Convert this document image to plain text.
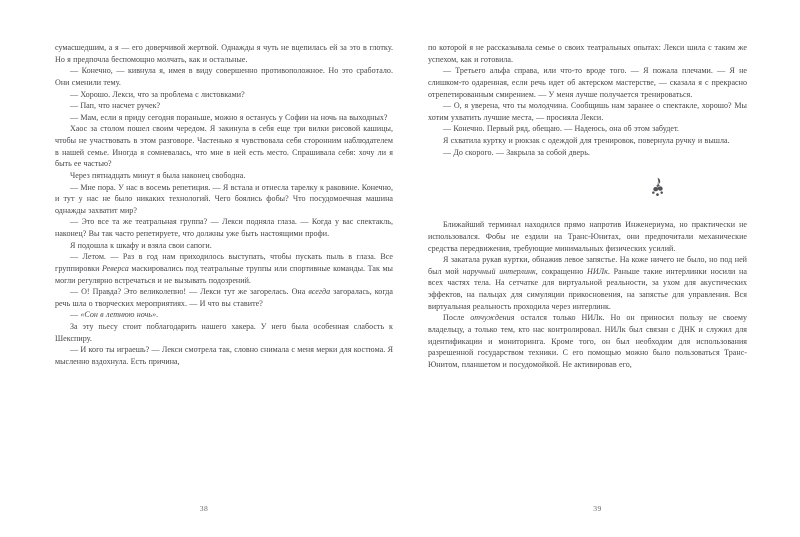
сумасшедшим, а я — его доверчивой жертвой. Однажды я чуть не вцепилась ей за это в глотку. Но я предпочла беспомощно молчать, как и остальные.

— Конечно, — кивнула я, имея в виду совершенно противоположное. Но это сработало. Они сменили тему.

— Хорошо. Лекси, что за проблема с листовками?

— Пап, что насчет ручек?

— Мам, если я приду сегодня пораньше, можно я останусь у Софии на ночь на выходных?

Хаос за столом пошел своим чередом. Я закинула в себя еще три вилки рисовой кашицы, чтобы не участвовать в этом разговоре. Частенько я чувствовала себя сторонним наблюдателем в нашей семье. Иногда я сомневалась, что мне в ней есть место. Спрашивала себя: хочу ли я быть ее частью?

Через пятнадцать минут я была наконец свободна.

— Мне пора. У нас в восемь репетиция. — Я встала и отнесла тарелку к раковине. Конечно, и тут у нас не было никаких технологий. Чего боялись фобы? Что посудомоечная машина однажды захватит мир?

— Это все та же театральная группа? — Лекси подняла глаза. — Когда у вас спектакль, наконец? Вы так часто репетируете, что должны уже быть настоящими профи.

Я подошла к шкафу и взяла свои сапоги.

— Летом. — Раз в год нам приходилось выступать, чтобы пускать пыль в глаза. Все группировки Реверса маскировались под театральные труппы или спортивные команды. Так мы могли регулярно встречаться и не вызывать подозрений.

— О! Правда? Это великолепно! — Лекси тут же загорелась. Она всегда загоралась, когда речь шла о творческих мероприятиях. — И что вы ставите?

— «Сон в летнюю ночь».

За эту пьесу стоит поблагодарить нашего хакера. У него была особенная слабость к Шекспиру.

— И кого ты играешь? — Лекси смотрела так, словно снимала с меня мерки для костюма. Я мысленно вздохнула. Есть причина,

38

по которой я не рассказывала семье о своих театральных опытах: Лекси шила с таким же успехом, как и готовила.

— Третьего альфа справа, или что-то вроде того. — Я пожала плечами. — Я не слишком-то одаренная, если речь идет об актерском мастерстве, — сказала я с прекрасно отрепетированным смирением. — У меня лучше получается тренироваться.

— О, я уверена, что ты молодчина. Сообщишь нам заранее о спектакле, хорошо? Мы хотим ухватить лучшие места, — просияла Лекси.

— Конечно. Первый ряд, обещаю. — Надеюсь, она об этом забудет.

Я схватила куртку и рюкзак с одеждой для тренировок, повернула ручку и вышла.

— До скорого. — Закрыла за собой дверь.

Ближайший терминал находился прямо напротив Инженериума, но практически не использовался. Фобы не ездили на Транс-Юнитах, они предпочитали механические средства передвижения, требующие минимальных физических усилий.

Я закатала рукав куртки, обнажив левое запястье. На коже ничего не было, но под ней был мой наручный интерлинк, сокращенно НИЛк. Раньше такие интерлинки носили на всех частях тела. На сетчатке для виртуальной реальности, за ухом для акустических эффектов, на пальцах для симуляции прикосновения, на запястье для управления. Вся виртуальная реальность проходила через интерлинк.

После отчуждения остался только НИЛк. Но он приносил пользу не своему владельцу, а только тем, кто нас контролировал. НИЛк был связан с ДНК и служил для идентификации и мониторинга. Кроме того, он был необходим для использования разрешенной государством техники. С его помощью можно было пользоваться Транс-Юнитом, планшетом и посудомойкой. Не активировав его,

39
